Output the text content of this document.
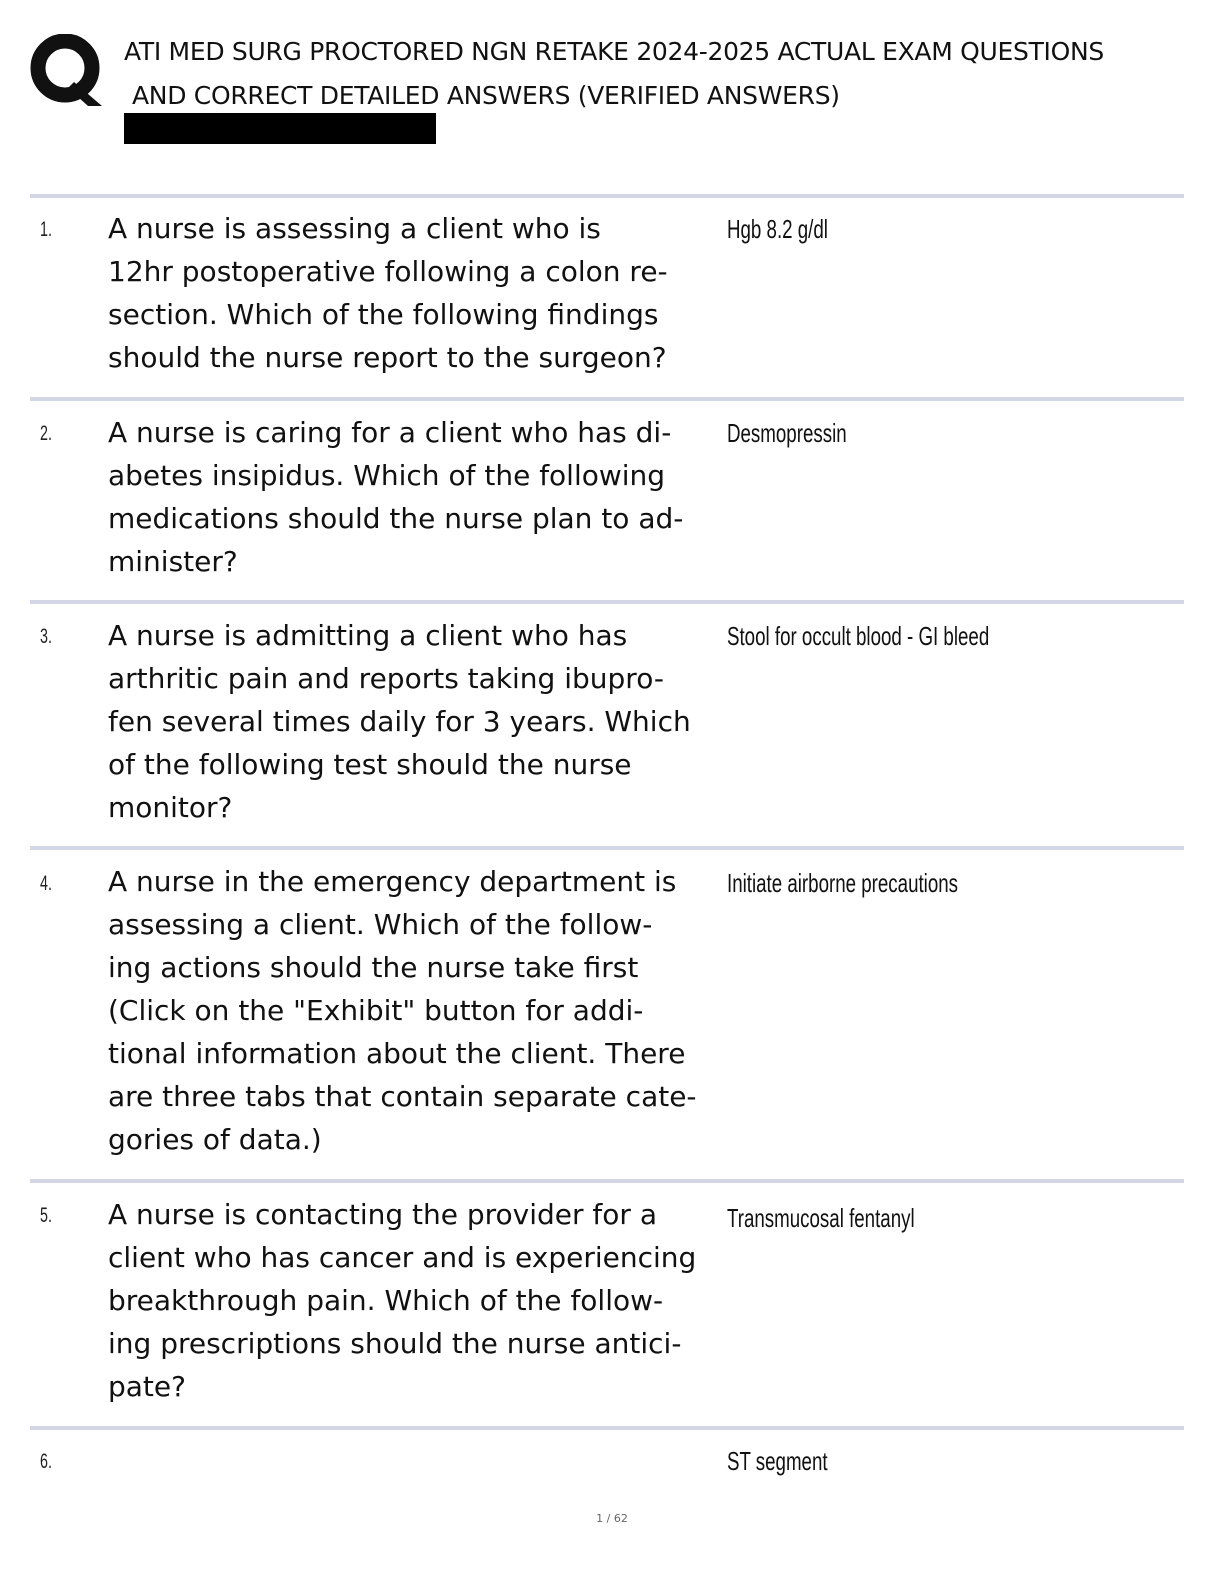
ATI MED SURG PROCTORED NGN RETAKE 2024-2025 ACTUAL EXAM QUESTIONS
AND CORRECT DETAILED ANSWERS (VERIFIED ANSWERS)
1. A nurse is assessing a client who is
12hr postoperative following a colon re-
section. Which of the following findings
should the nurse report to the surgeon?
Hgb 8.2 g/dl
2. A nurse is caring for a client who has di-
abetes insipidus. Which of the following
medications should the nurse plan to ad-
minister?
Desmopressin
3. A nurse is admitting a client who has
arthritic pain and reports taking ibupro-
fen several times daily for 3 years. Which
of the following test should the nurse
monitor?
Stool for occult blood - GI bleed
4. A nurse in the emergency department is
assessing a client. Which of the follow-
ing actions should the nurse take first
(Click on the "Exhibit" button for addi-
tional information about the client. There
are three tabs that contain separate cate-
gories of data.)
Initiate airborne precautions
5. A nurse is contacting the provider for a
client who has cancer and is experiencing
breakthrough pain. Which of the follow-
ing prescriptions should the nurse antici-
pate?
Transmucosal fentanyl
6.	ST segment
1 / 62
